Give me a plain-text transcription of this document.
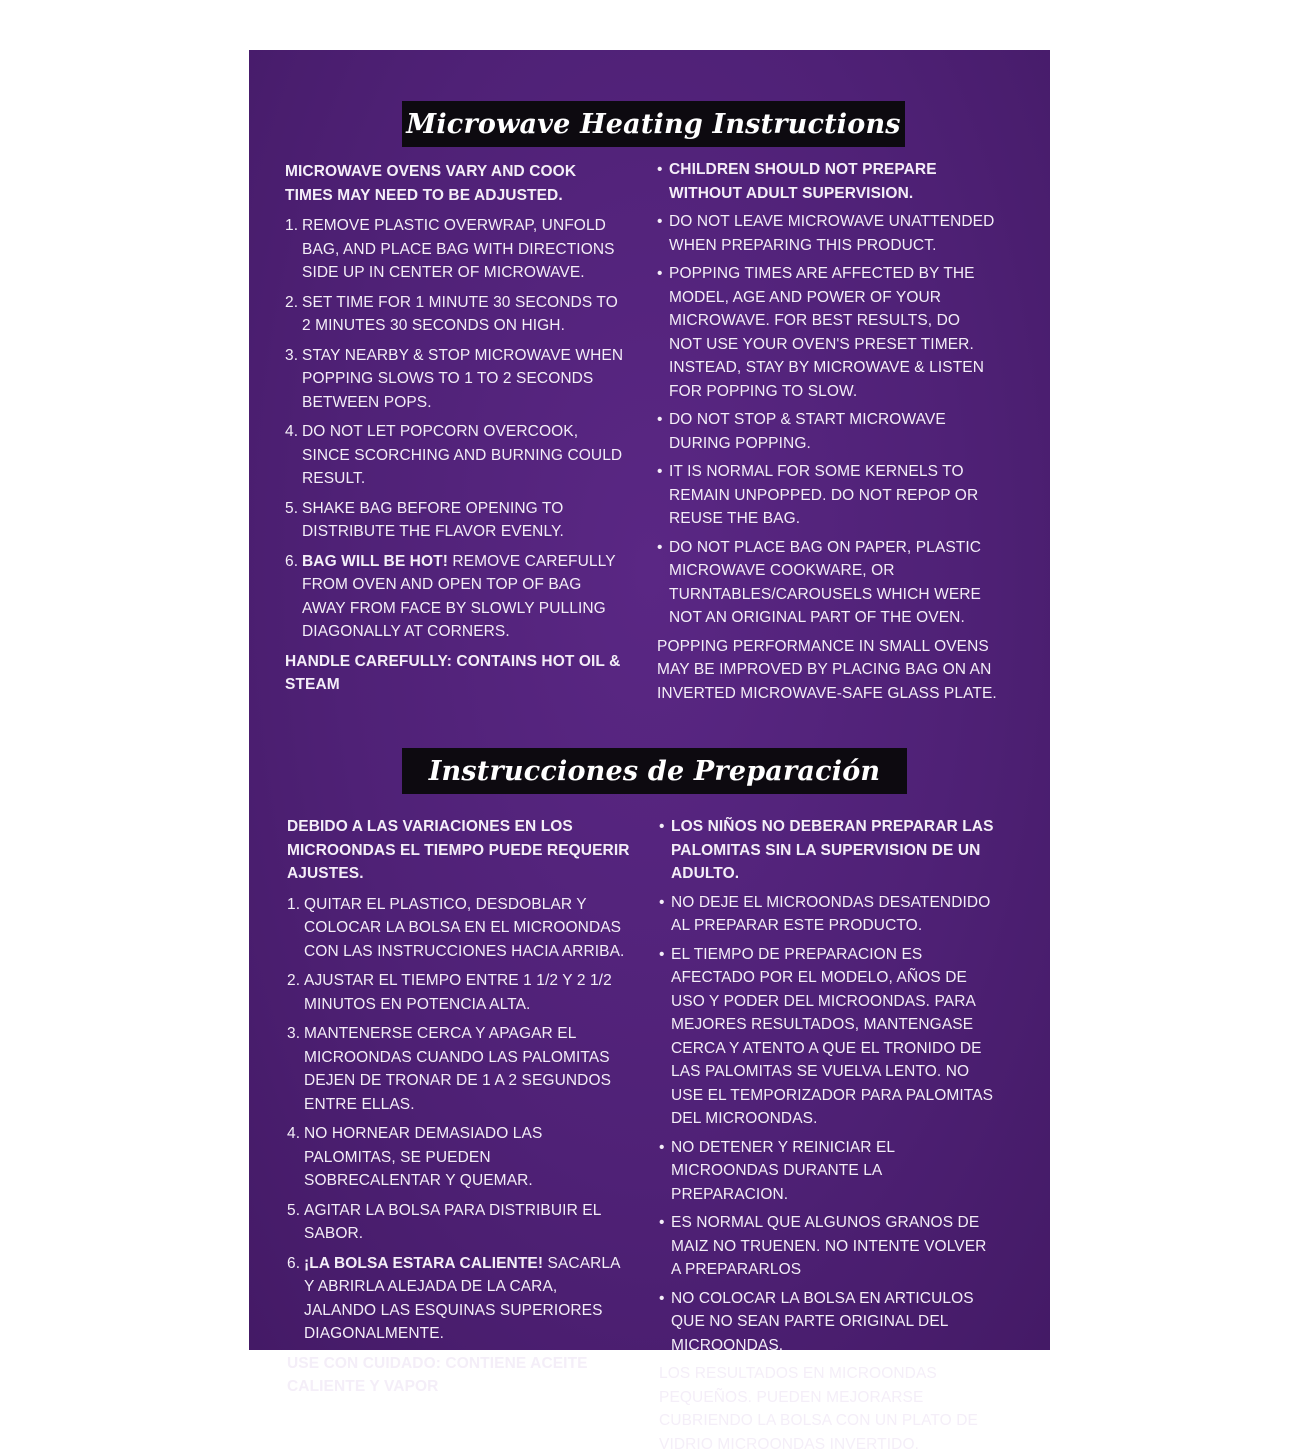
Microwave Heating Instructions
MICROWAVE OVENS VARY AND COOK TIMES MAY NEED TO BE ADJUSTED.
1. REMOVE PLASTIC OVERWRAP, UNFOLD BAG, AND PLACE BAG WITH DIRECTIONS SIDE UP IN CENTER OF MICROWAVE.
2. SET TIME FOR 1 MINUTE 30 SECONDS TO 2 MINUTES 30 SECONDS ON HIGH.
3. STAY NEARBY & STOP MICROWAVE WHEN POPPING SLOWS TO 1 TO 2 SECONDS BETWEEN POPS.
4. DO NOT LET POPCORN OVERCOOK, SINCE SCORCHING AND BURNING COULD RESULT.
5. SHAKE BAG BEFORE OPENING TO DISTRIBUTE THE FLAVOR EVENLY.
6. BAG WILL BE HOT! REMOVE CAREFULLY FROM OVEN AND OPEN TOP OF BAG AWAY FROM FACE BY SLOWLY PULLING DIAGONALLY AT CORNERS.
HANDLE CAREFULLY: CONTAINS HOT OIL & STEAM
• CHILDREN SHOULD NOT PREPARE WITHOUT ADULT SUPERVISION.
• DO NOT LEAVE MICROWAVE UNATTENDED WHEN PREPARING THIS PRODUCT.
• POPPING TIMES ARE AFFECTED BY THE MODEL, AGE AND POWER OF YOUR MICROWAVE. FOR BEST RESULTS, DO NOT USE YOUR OVEN'S PRESET TIMER. INSTEAD, STAY BY MICROWAVE & LISTEN FOR POPPING TO SLOW.
• DO NOT STOP & START MICROWAVE DURING POPPING.
• IT IS NORMAL FOR SOME KERNELS TO REMAIN UNPOPPED. DO NOT REPOP OR REUSE THE BAG.
• DO NOT PLACE BAG ON PAPER, PLASTIC MICROWAVE COOKWARE, OR TURNTABLES/CAROUSELS WHICH WERE NOT AN ORIGINAL PART OF THE OVEN.
POPPING PERFORMANCE IN SMALL OVENS MAY BE IMPROVED BY PLACING BAG ON AN INVERTED MICROWAVE-SAFE GLASS PLATE.
Instrucciones de Preparación
DEBIDO A LAS VARIACIONES EN LOS MICROONDAS EL TIEMPO PUEDE REQUERIR AJUSTES.
1. QUITAR EL PLASTICO, DESDOBLAR Y COLOCAR LA BOLSA EN EL MICROONDAS CON LAS INSTRUCCIONES HACIA ARRIBA.
2. AJUSTAR EL TIEMPO ENTRE 1 1/2 Y 2 1/2 MINUTOS EN POTENCIA ALTA.
3. MANTENERSE CERCA Y APAGAR EL MICROONDAS CUANDO LAS PALOMITAS DEJEN DE TRONAR DE 1 A 2 SEGUNDOS ENTRE ELLAS.
4. NO HORNEAR DEMASIADO LAS PALOMITAS, SE PUEDEN SOBRECALENTAR Y QUEMAR.
5. AGITAR LA BOLSA PARA DISTRIBUIR EL SABOR.
6. ¡LA BOLSA ESTARA CALIENTE! SACARLA Y ABRIRLA ALEJADA DE LA CARA, JALANDO LAS ESQUINAS SUPERIORES DIAGONALMENTE.
USE CON CUIDADO: CONTIENE ACEITE CALIENTE Y VAPOR
• LOS NIÑOS NO DEBERAN PREPARAR LAS PALOMITAS SIN LA SUPERVISION DE UN ADULTO.
• NO DEJE EL MICROONDAS DESATENDIDO AL PREPARAR ESTE PRODUCTO.
• EL TIEMPO DE PREPARACION ES AFECTADO POR EL MODELO, AÑOS DE USO Y PODER DEL MICROONDAS. PARA MEJORES RESULTADOS, MANTENGASE CERCA Y ATENTO A QUE EL TRONIDO DE LAS PALOMITAS SE VUELVA LENTO. NO USE EL TEMPORIZADOR PARA PALOMITAS DEL MICROONDAS.
• NO DETENER Y REINICIAR EL MICROONDAS DURANTE LA PREPARACION.
• ES NORMAL QUE ALGUNOS GRANOS DE MAIZ NO TRUENEN. NO INTENTE VOLVER A PREPARARLOS
• NO COLOCAR LA BOLSA EN ARTICULOS QUE NO SEAN PARTE ORIGINAL DEL MICROONDAS.
LOS RESULTADOS EN MICROONDAS PEQUEÑOS. PUEDEN MEJORARSE CUBRIENDO LA BOLSA CON UN PLATO DE VIDRIO MICROONDAS INVERTIDO.
